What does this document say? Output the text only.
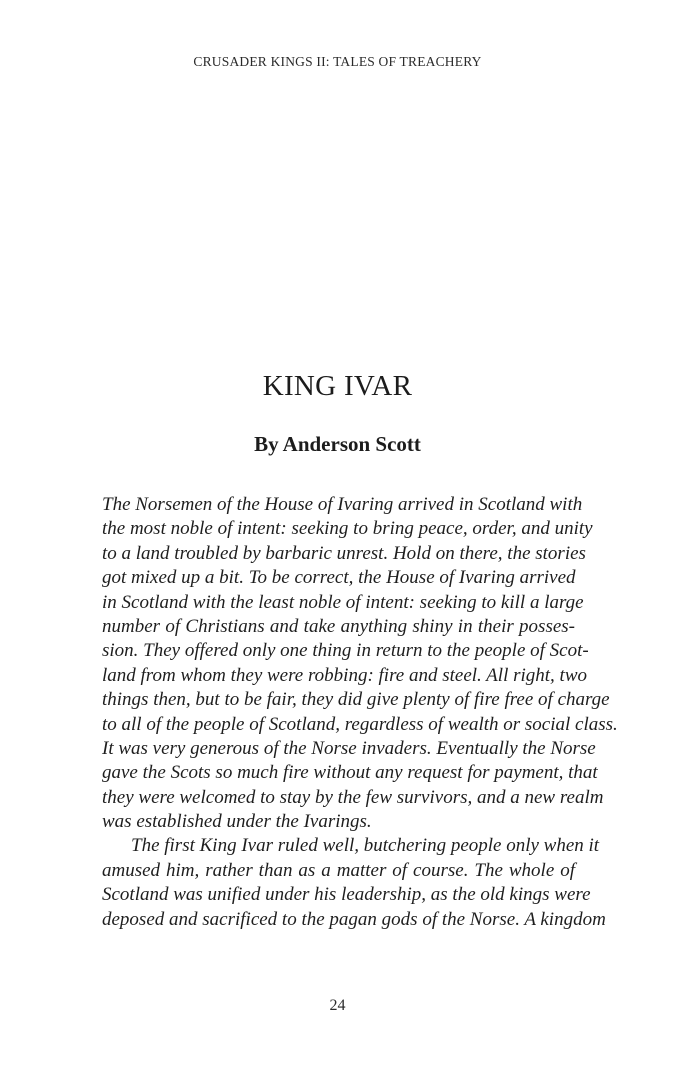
CRUSADER KINGS II: TALES OF TREACHERY
KING IVAR
By Anderson Scott
The Norsemen of the House of Ivaring arrived in Scotland with
the most noble of intent: seeking to bring peace, order, and unity
to a land troubled by barbaric unrest. Hold on there, the stories
got mixed up a bit. To be correct, the House of Ivaring arrived
in Scotland with the least noble of intent: seeking to kill a large
number of Christians and take anything shiny in their posses-
sion. They offered only one thing in return to the people of Scot-
land from whom they were robbing: fire and steel. All right, two
things then, but to be fair, they did give plenty of fire free of charge
to all of the people of Scotland, regardless of wealth or social class.
It was very generous of the Norse invaders. Eventually the Norse
gave the Scots so much fire without any request for payment, that
they were welcomed to stay by the few survivors, and a new realm
was established under the Ivarings.
The first King Ivar ruled well, butchering people only when it
amused him, rather than as a matter of course. The whole of
Scotland was unified under his leadership, as the old kings were
deposed and sacrificed to the pagan gods of the Norse. A kingdom
24
